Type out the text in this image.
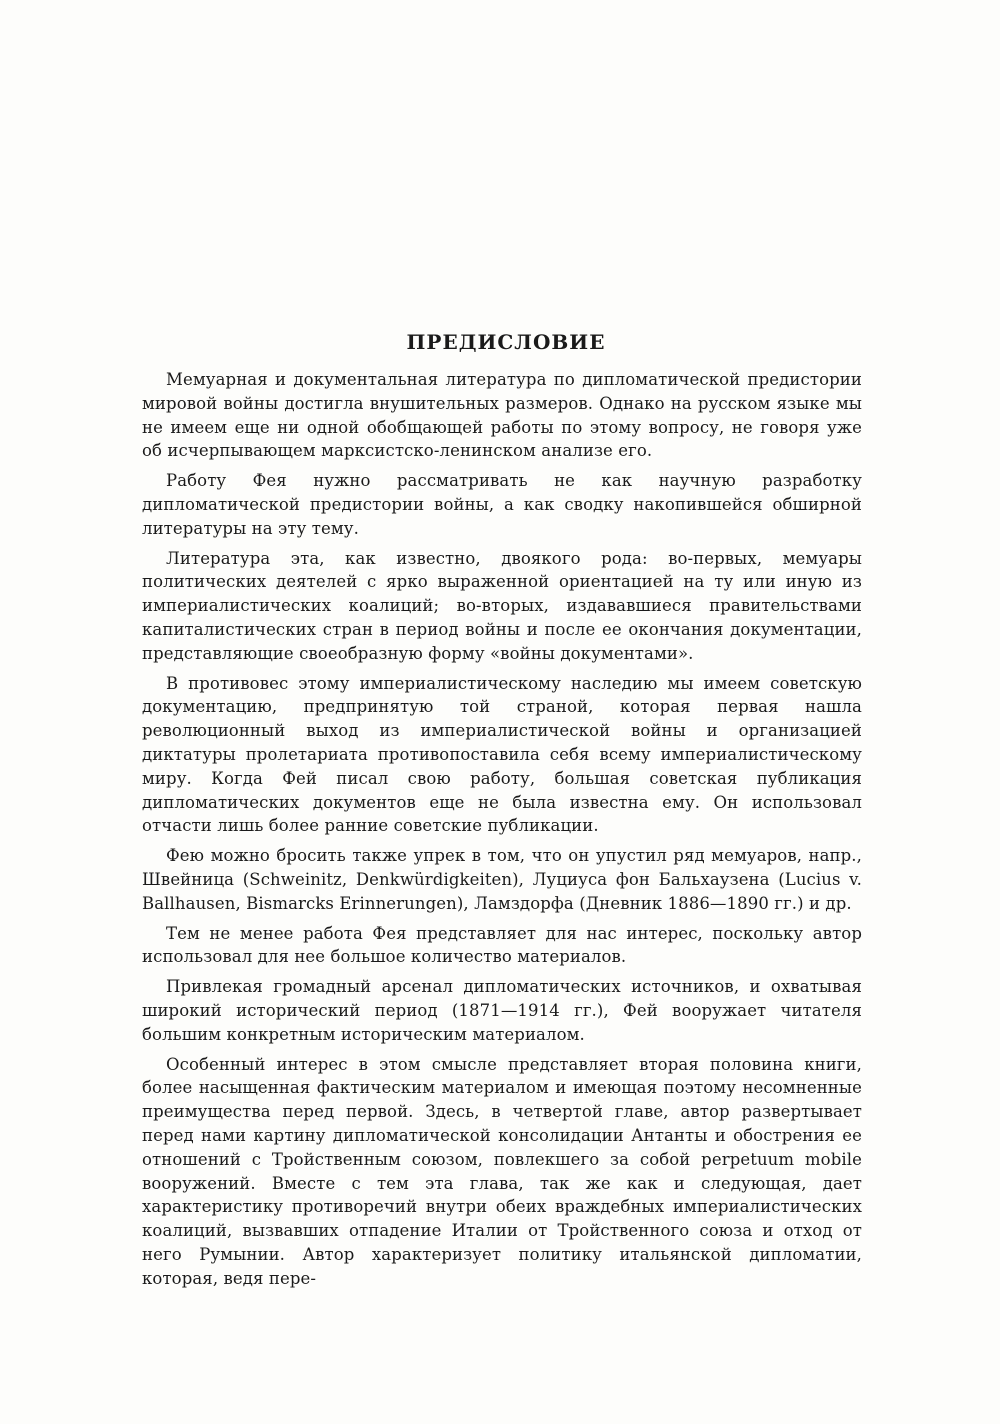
ПРЕДИСЛОВИЕ

Мемуарная и документальная литература по дипломатической предистории мировой войны достигла внушительных размеров. Однако на русском языке мы не имеем еще ни одной обобщающей работы по этому вопросу, не говоря уже об исчерпывающем марксистско-ленинском анализе его.

Работу Фея нужно рассматривать не как научную разработку дипломатической предистории войны, а как сводку накопившейся обширной литературы на эту тему.

Литература эта, как известно, двоякого рода: во-первых, мемуары политических деятелей с ярко выраженной ориентацией на ту или иную из империалистических коалиций; во-вторых, издававшиеся правительствами капиталистических стран в период войны и после ее окончания документации, представляющие своеобразную форму «войны документами».

В противовес этому империалистическому наследию мы имеем советскую документацию, предпринятую той страной, которая первая нашла революционный выход из империалистической войны и организацией диктатуры пролетариата противопоставила себя всему империалистическому миру. Когда Фей писал свою работу, большая советская публикация дипломатических документов еще не была известна ему. Он использовал отчасти лишь более ранние советские публикации.

Фею можно бросить также упрек в том, что он упустил ряд мемуаров, напр., Швейница (Schweinitz, Denkwürdigkeiten), Луциуса фон Бальхаузена (Lucius v. Ballhausen, Bismarcks Erinnerungen), Ламздорфа (Дневник 1886—1890 гг.) и др.

Тем не менее работа Фея представляет для нас интерес, поскольку автор использовал для нее большое количество материалов.

Привлекая громадный арсенал дипломатических источников, и охватывая широкий исторический период (1871—1914 гг.), Фей вооружает читателя большим конкретным историческим материалом.

Особенный интерес в этом смысле представляет вторая половина книги, более насыщенная фактическим материалом и имеющая поэтому несомненные преимущества перед первой. Здесь, в четвертой главе, автор развертывает перед нами картину дипломатической консолидации Антанты и обострения ее отношений с Тройственным союзом, повлекшего за собой perpetuum mobile вооружений. Вместе с тем эта глава, так же как и следующая, дает характеристику противоречий внутри обеих враждебных империалистических коалиций, вызвавших отпадение Италии от Тройственного союза и отход от него Румынии. Автор характеризует политику итальянской дипломатии, которая, ведя пере-
